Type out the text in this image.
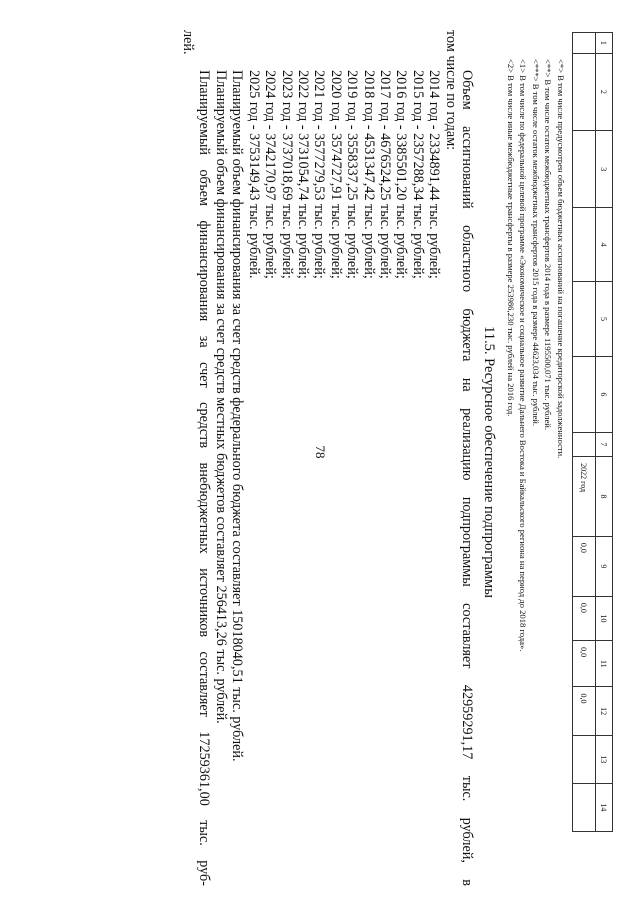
78
1	2	3	4	5	6	7	8	9	10	11	12	13	14
							2022 год	0,0	0,0	0,0	0,0		
<*> В том числе предусмотрен объем бюджетных ассигнований на погашение кредиторской задолженности.
<**> В том числе остаток межбюджетных трансфертов 2014 года в размере 1195500,071 тыс. рублей.
<***> В том числе остаток межбюджетных трансфертов 2015 года в размере 44623,034 тыс. рублей.
<1> В том числе по федеральной целевой программе «Экономическое и социальное развитие Дальнего Востока и Байкальского региона на период до 2018 года».
<2> В том числе иные межбюджетные трансферты в размере 253986,230 тыс. рублей на 2016 год.
11.5. Ресурсное обеспечение подпрограммы
Объем ассигнований областного бюджета на реализацию подпрограммы составляет 42959291,17 тыс. рублей, в
том числе по годам:
2014 год - 2334891,44 тыс. рублей;
2015 год - 2357288,34 тыс. рублей;
2016 год - 3385501,20 тыс. рублей;
2017 год - 4676524,25 тыс. рублей;
2018 год - 4531347,42 тыс. рублей;
2019 год - 3558337,25 тыс. рублей;
2020 год - 3574727,91 тыс. рублей;
2021 год - 3577279,53 тыс. рублей;
2022 год - 3731054,74 тыс. рублей;
2023 год - 3737018,69 тыс. рублей;
2024 год - 3742170,97 тыс. рублей;
2025 год - 3753149,43 тыс. рублей.
Планируемый объем финансирования за счет средств федерального бюджета составляет 15018040,51 тыс. рублей.
Планируемый объем финансирования за счет средств местных бюджетов составляет 256413,26 тыс. рублей.
Планируемый объем финансирования за счет средств внебюджетных источников составляет 17259361,00 тыс. руб-
лей.
